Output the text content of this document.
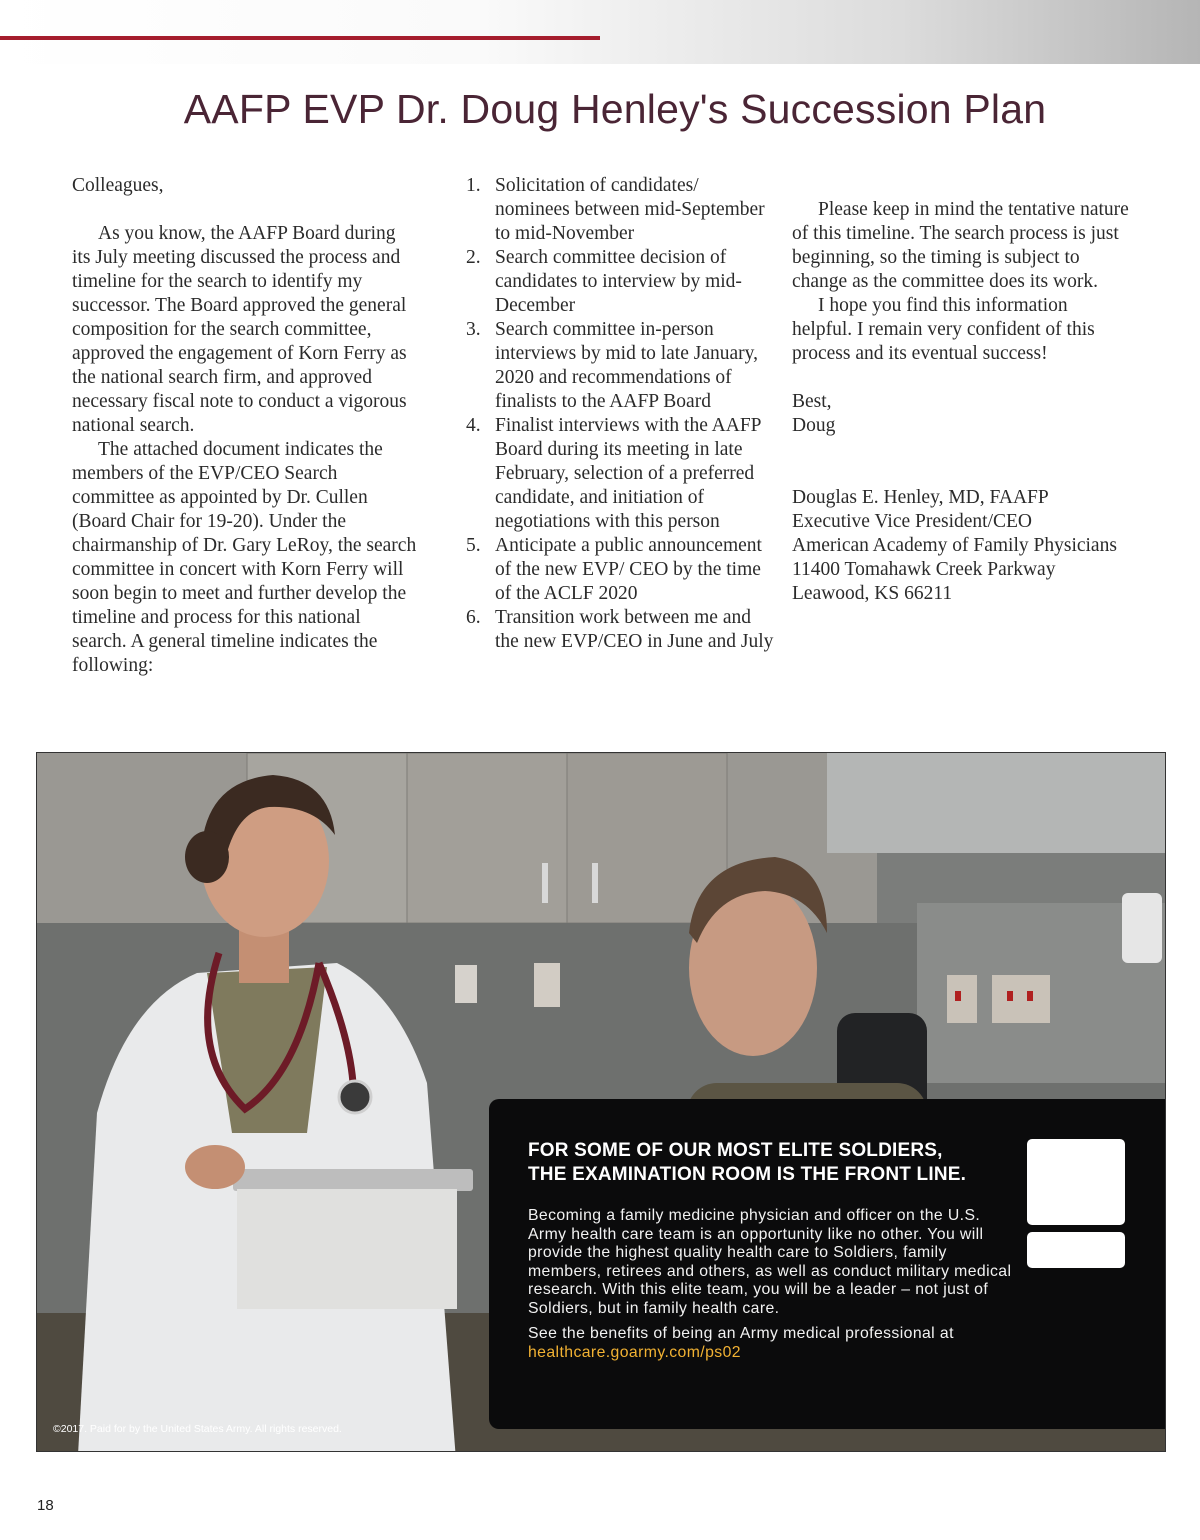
AAFP EVP Dr. Doug Henley's Succession Plan

Colleagues,

As you know, the AAFP Board during its July meeting discussed the process and timeline for the search to identify my successor. The Board approved the general composition for the search committee, approved the engagement of Korn Ferry as the national search firm, and approved necessary fiscal note to conduct a vigorous national search.

The attached document indicates the members of the EVP/CEO Search committee as appointed by Dr. Cullen (Board Chair for 19-20). Under the chairmanship of Dr. Gary LeRoy, the search committee in concert with Korn Ferry will soon begin to meet and further develop the timeline and process for this national search. A general timeline indicates the following:

1. Solicitation of candidates/ nominees between mid-September to mid-November
2. Search committee decision of candidates to interview by mid-December
3. Search committee in-person interviews by mid to late January, 2020 and recommendations of finalists to the AAFP Board
4. Finalist interviews with the AAFP Board during its meeting in late February, selection of a preferred candidate, and initiation of negotiations with this person
5. Anticipate a public announcement of the new EVP/ CEO by the time of the ACLF 2020
6. Transition work between me and the new EVP/CEO in June and July

Please keep in mind the tentative nature of this timeline. The search process is just beginning, so the timing is subject to change as the committee does its work.

I hope you find this information helpful. I remain very confident of this process and its eventual success!

Best,

Doug

Douglas E. Henley, MD, FAAFP

Executive Vice President/CEO

American Academy of Family Physicians

11400 Tomahawk Creek Parkway

Leawood, KS 66211

FOR SOME OF OUR MOST ELITE SOLDIERS,
THE EXAMINATION ROOM IS THE FRONT LINE.

Becoming a family medicine physician and officer on the U.S. Army health care team is an opportunity like no other. You will provide the highest quality health care to Soldiers, family members, retirees and others, as well as conduct military medical research. With this elite team, you will be a leader – not just of Soldiers, but in family health care.

See the benefits of being an Army medical professional at healthcare.goarmy.com/ps02

©2017. Paid for by the United States Army. All rights reserved.

18
